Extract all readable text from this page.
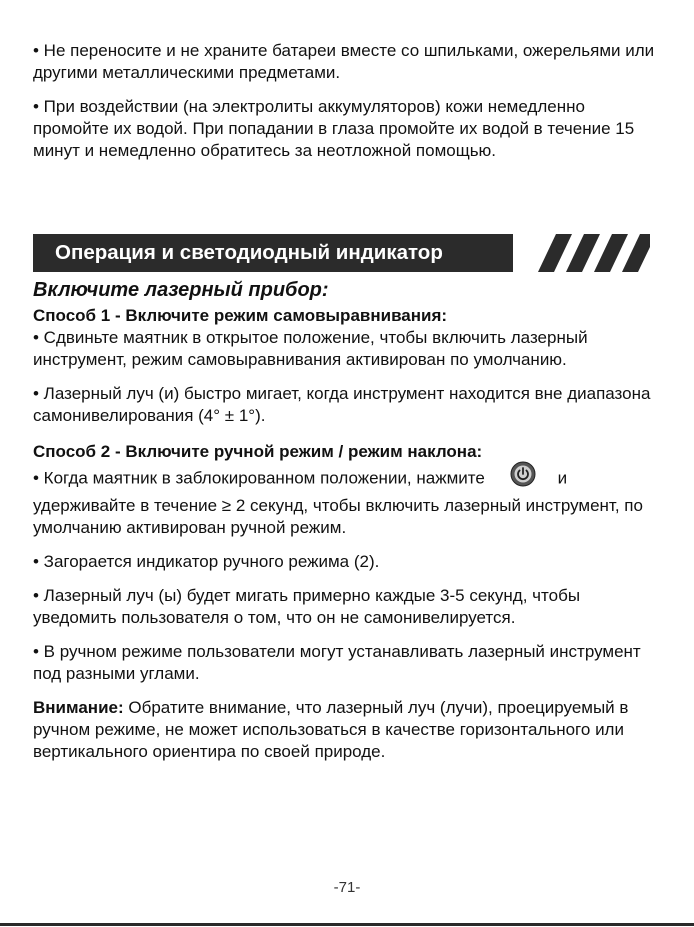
• Не переносите и не храните батареи вместе со шпильками, ожерельями или другими металлическими предметами.

• При воздействии (на электролиты аккумуляторов) кожи немедленно промойте их водой. При попадании в глаза промойте их водой в течение 15 минут и немедленно обратитесь за неотложной помощью.

Операция и светодиодный индикатор
Включите лазерный прибор:

Способ 1 - Включите режим самовыравнивания:

• Сдвиньте маятник в открытое положение, чтобы включить лазерный инструмент, режим самовыравнивания активирован по умолчанию.

• Лазерный луч (и) быстро мигает, когда инструмент находится вне диапазона самонивелирования (4° ± 1°).

Способ 2 - Включите ручной режим / режим наклона:

• Когда маятник в заблокированном положении, нажмите	и удерживайте в течение ≥ 2 секунд, чтобы включить лазерный инструмент, по умолчанию активирован ручной режим.

• Загорается индикатор ручного режима (2).

• Лазерный луч (ы) будет мигать примерно каждые 3-5 секунд, чтобы уведомить пользователя о том, что он не самонивелируется.

• В ручном режиме пользователи могут устанавливать лазерный инструмент под разными углами.

Внимание: Обратите внимание, что лазерный луч (лучи), проецируемый в ручном режиме, не может использоваться в качестве горизонтального или вертикального ориентира по своей природе.

-71-
